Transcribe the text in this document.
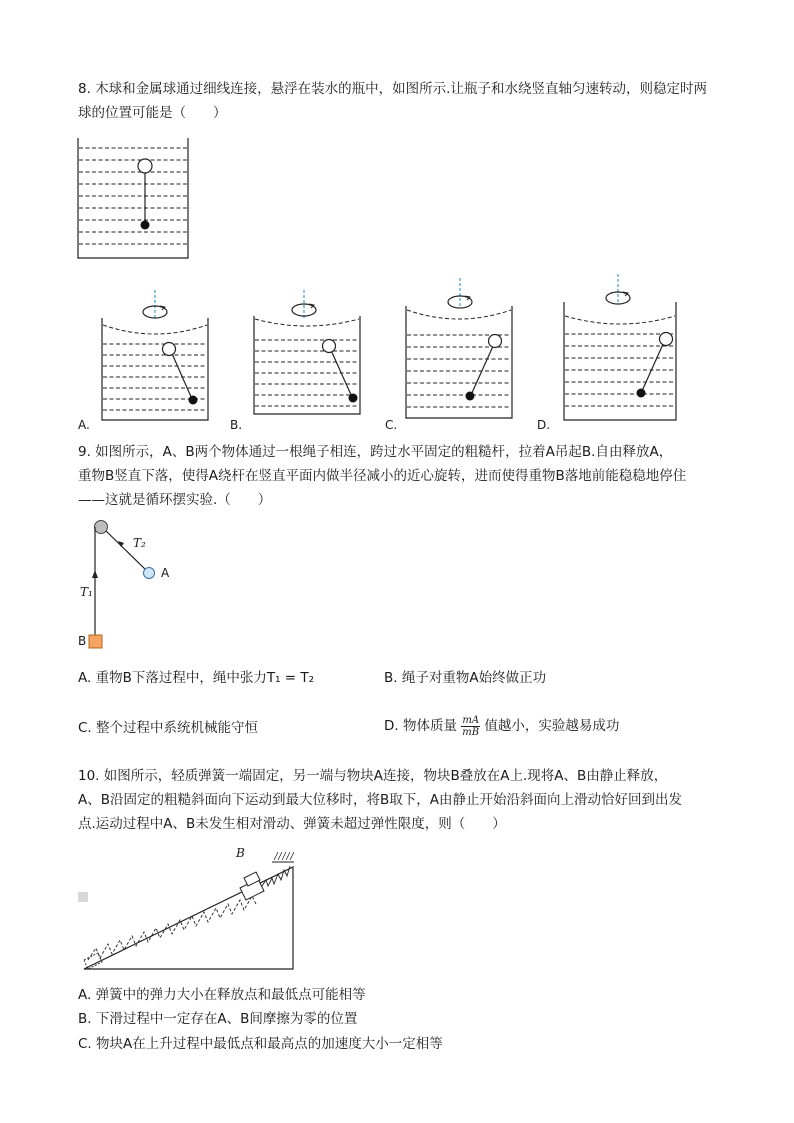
8. 木球和金属球通过细线连接，悬浮在装水的瓶中，如图所示.让瓶子和水绕竖直轴匀速转动，则稳定时两
球的位置可能是（　　）
A.	B.	C.	D.
9. 如图所示，A、B两个物体通过一根绳子相连，跨过水平固定的粗糙杆，拉着A吊起B.自由释放A，
重物B竖直下落，使得A绕杆在竖直平面内做半径减小的近心旋转，进而使得重物B落地前能稳稳地停住
——这就是循环摆实验.（　　）
T₂
A
T₁
B
A. 重物B下落过程中，绳中张力T₁ = T₂	B. 绳子对重物A始终做正功
C. 整个过程中系统机械能守恒	D. 物体质量 $\frac{mA}{mB}$ 值越小，实验越易成功
10. 如图所示，轻质弹簧一端固定，另一端与物块A连接，物块B叠放在A上.现将A、B由静止释放，
A、B沿固定的粗糙斜面向下运动到最大位移时，将B取下，A由静止开始沿斜面向上滑动恰好回到出发
点.运动过程中A、B未发生相对滑动、弹簧未超过弹性限度，则（　　）
B
A. 弹簧中的弹力大小在释放点和最低点可能相等
B. 下滑过程中一定存在A、B间摩擦为零的位置
C. 物块A在上升过程中最低点和最高点的加速度大小一定相等
